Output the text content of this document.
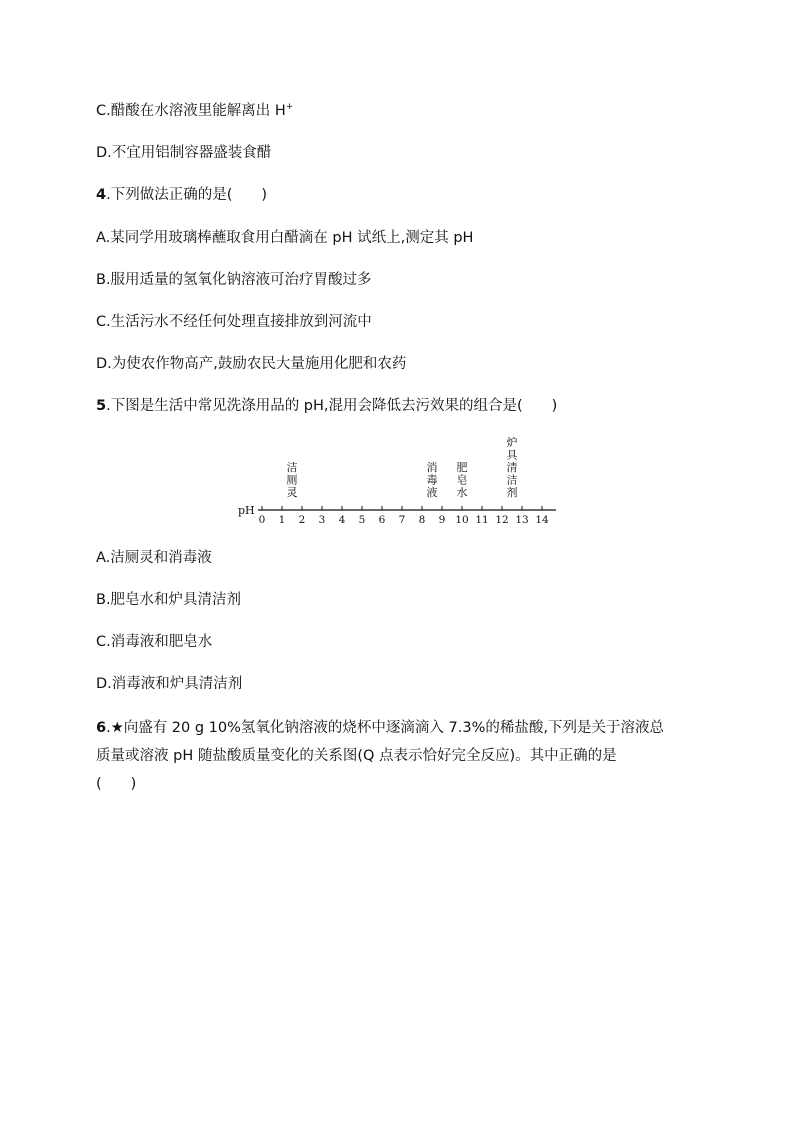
C.醋酸在水溶液里能解离出 H+
D.不宜用铝制容器盛装食醋
4.下列做法正确的是(　　)
A.某同学用玻璃棒蘸取食用白醋滴在 pH 试纸上,测定其 pH
B.服用适量的氢氧化钠溶液可治疗胃酸过多
C.生活污水不经任何处理直接排放到河流中
D.为使农作物高产,鼓励农民大量施用化肥和农药
5.下图是生活中常见洗涤用品的 pH,混用会降低去污效果的组合是(　　)
洁厕灵
消毒液
肥皂水
炉具清洁剂
pH
0 1 2 3 4 5 6 7 8 9 10 11 12 13 14
A.洁厕灵和消毒液
B.肥皂水和炉具清洁剂
C.消毒液和肥皂水
D.消毒液和炉具清洁剂
6.★向盛有 20 g 10%氢氧化钠溶液的烧杯中逐滴滴入 7.3%的稀盐酸,下列是关于溶液总
质量或溶液 pH 随盐酸质量变化的关系图(Q 点表示恰好完全反应)。其中正确的是
(　　)
